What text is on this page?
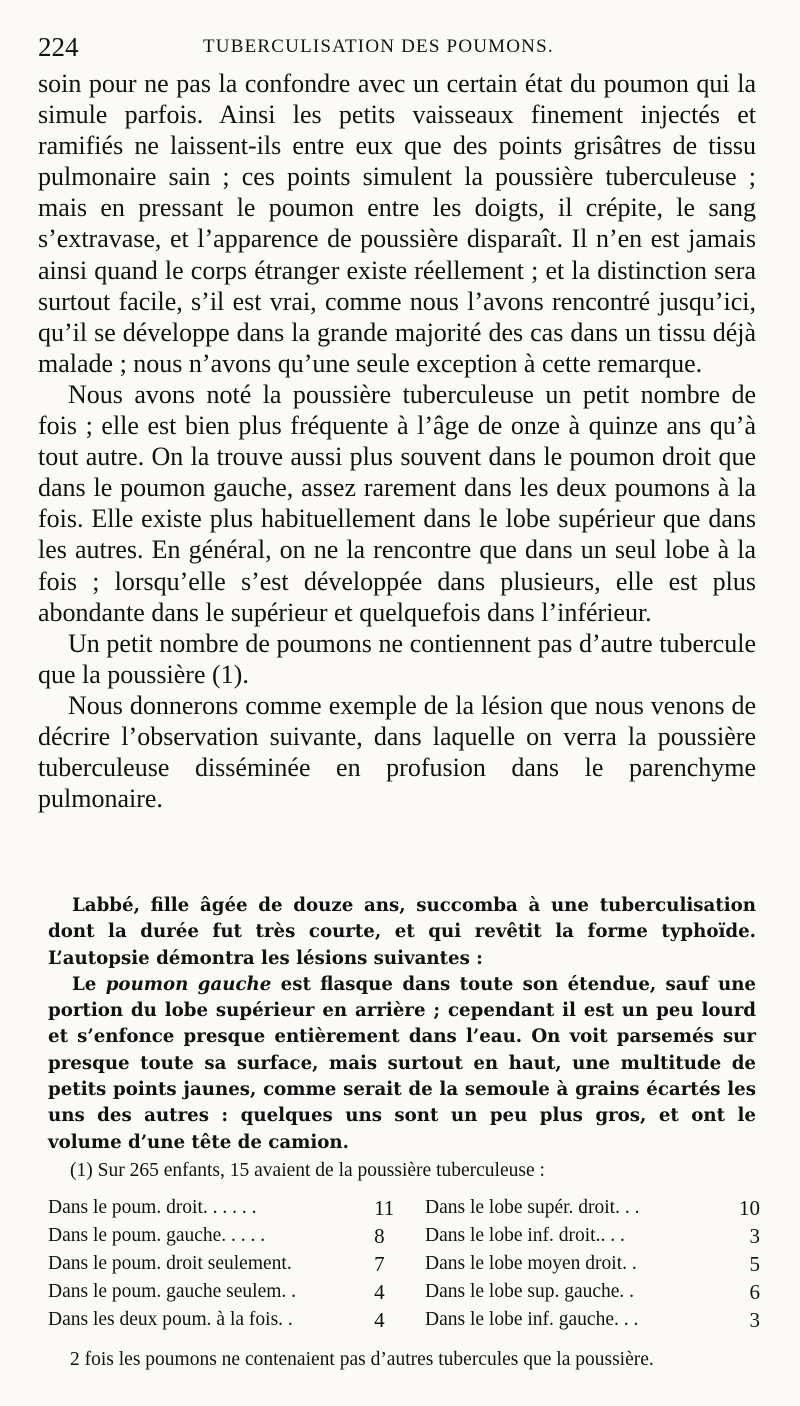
224	TUBERCULISATION DES POUMONS.

soin pour ne pas la confondre avec un certain état du poumon qui la simule parfois. Ainsi les petits vaisseaux finement injectés et ramifiés ne laissent-ils entre eux que des points grisâtres de tissu pulmonaire sain ; ces points simulent la poussière tuberculeuse ; mais en pressant le poumon entre les doigts, il crépite, le sang s’extravase, et l’apparence de poussière disparaît. Il n’en est jamais ainsi quand le corps étranger existe réellement ; et la distinction sera surtout facile, s’il est vrai, comme nous l’avons rencontré jusqu’ici, qu’il se développe dans la grande majorité des cas dans un tissu déjà malade ; nous n’avons qu’une seule exception à cette remarque.

Nous avons noté la poussière tuberculeuse un petit nombre de fois ; elle est bien plus fréquente à l’âge de onze à quinze ans qu’à tout autre. On la trouve aussi plus souvent dans le poumon droit que dans le poumon gauche, assez rarement dans les deux poumons à la fois. Elle existe plus habituellement dans le lobe supérieur que dans les autres. En général, on ne la rencontre que dans un seul lobe à la fois ; lorsqu’elle s’est développée dans plusieurs, elle est plus abondante dans le supérieur et quelquefois dans l’inférieur.

Un petit nombre de poumons ne contiennent pas d’autre tubercule que la poussière (1).

Nous donnerons comme exemple de la lésion que nous venons de décrire l’observation suivante, dans laquelle on verra la poussière tuberculeuse disséminée en profusion dans le parenchyme pulmonaire.

Labbé, fille âgée de douze ans, succomba à une tuberculisation dont la durée fut très courte, et qui revêtit la forme typhoïde. L’autopsie démontra les lésions suivantes :

Le poumon gauche est flasque dans toute son étendue, sauf une portion du lobe supérieur en arrière ; cependant il est un peu lourd et s’enfonce presque entièrement dans l’eau. On voit parsemés sur presque toute sa surface, mais surtout en haut, une multitude de petits points jaunes, comme serait de la semoule à grains écartés les uns des autres : quelques uns sont un peu plus gros, et ont le volume d’une tête de camion.

(1) Sur 265 enfants, 15 avaient de la poussière tuberculeuse :
Dans le poum. droit. . . . . .	11	Dans le lobe supér. droit. . .	10
Dans le poum. gauche. . . . .	8	Dans le lobe inf. droit.. . .	3
Dans le poum. droit seulement.	7	Dans le lobe moyen droit. .	5
Dans le poum. gauche seulem. .	4	Dans le lobe sup. gauche. .	6
Dans les deux poum. à la fois. .	4	Dans le lobe inf. gauche. . .	3
2 fois les poumons ne contenaient pas d’autres tubercules que la poussière.
